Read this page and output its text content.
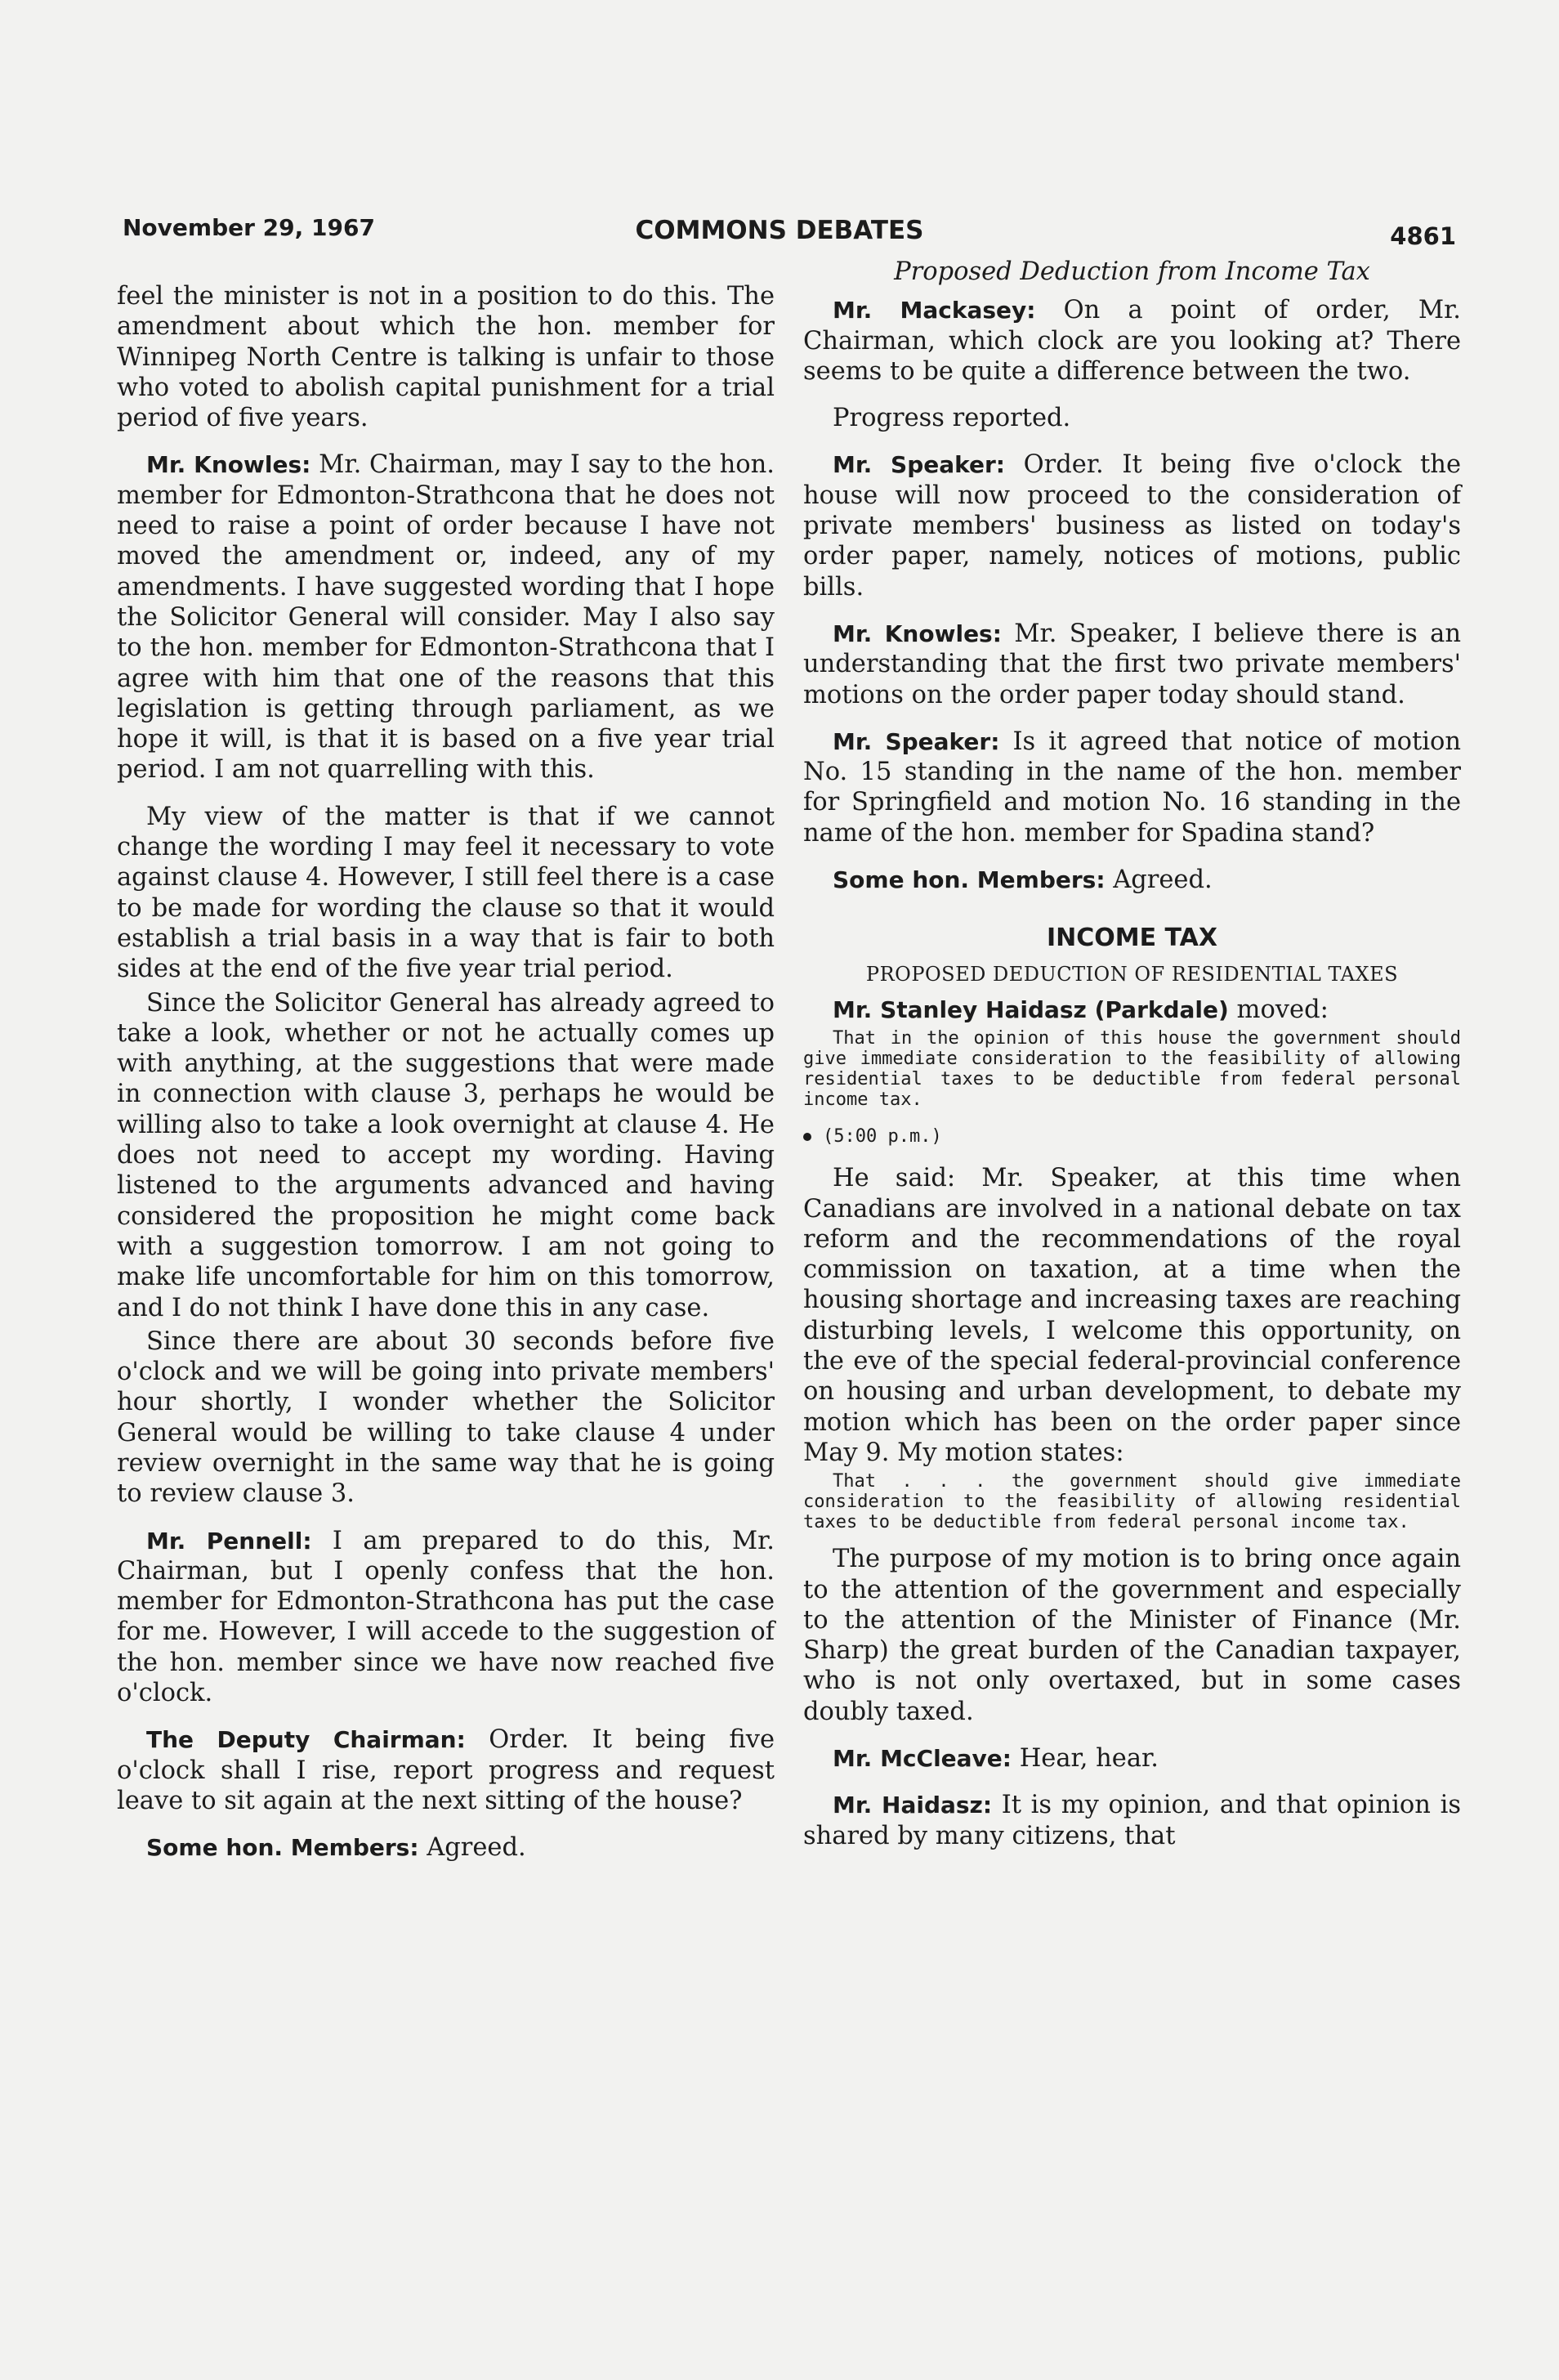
November 29, 1967	COMMONS DEBATES	4861

feel the minister is not in a position to do this. The amendment about which the hon. member for Winnipeg North Centre is talking is unfair to those who voted to abolish capital punishment for a trial period of five years.

Mr. Knowles: Mr. Chairman, may I say to the hon. member for Edmonton-Strathcona that he does not need to raise a point of order because I have not moved the amendment or, indeed, any of my amendments. I have suggested wording that I hope the Solicitor General will consider. May I also say to the hon. member for Edmonton-Strathcona that I agree with him that one of the reasons that this legislation is getting through parliament, as we hope it will, is that it is based on a five year trial period. I am not quarrelling with this.

My view of the matter is that if we cannot change the wording I may feel it necessary to vote against clause 4. However, I still feel there is a case to be made for wording the clause so that it would establish a trial basis in a way that is fair to both sides at the end of the five year trial period.

Since the Solicitor General has already agreed to take a look, whether or not he actually comes up with anything, at the suggestions that were made in connection with clause 3, perhaps he would be willing also to take a look overnight at clause 4. He does not need to accept my wording. Having listened to the arguments advanced and having considered the proposition he might come back with a suggestion tomorrow. I am not going to make life uncomfortable for him on this tomorrow, and I do not think I have done this in any case.

Since there are about 30 seconds before five o'clock and we will be going into private members' hour shortly, I wonder whether the Solicitor General would be willing to take clause 4 under review overnight in the same way that he is going to review clause 3.

Mr. Pennell: I am prepared to do this, Mr. Chairman, but I openly confess that the hon. member for Edmonton-Strathcona has put the case for me. However, I will accede to the suggestion of the hon. member since we have now reached five o'clock.

The Deputy Chairman: Order. It being five o'clock shall I rise, report progress and request leave to sit again at the next sitting of the house?

Some hon. Members: Agreed.

Proposed Deduction from Income Tax

Mr. Mackasey: On a point of order, Mr. Chairman, which clock are you looking at? There seems to be quite a difference between the two.

Progress reported.

Mr. Speaker: Order. It being five o'clock the house will now proceed to the consideration of private members' business as listed on today's order paper, namely, notices of motions, public bills.

Mr. Knowles: Mr. Speaker, I believe there is an understanding that the first two private members' motions on the order paper today should stand.

Mr. Speaker: Is it agreed that notice of motion No. 15 standing in the name of the hon. member for Springfield and motion No. 16 standing in the name of the hon. member for Spadina stand?

Some hon. Members: Agreed.

INCOME TAX
PROPOSED DEDUCTION OF RESIDENTIAL TAXES

Mr. Stanley Haidasz (Parkdale) moved:

That in the opinion of this house the government should give immediate consideration to the feasibility of allowing residential taxes to be deductible from federal personal income tax.
(5:00 p.m.)

He said: Mr. Speaker, at this time when Canadians are involved in a national debate on tax reform and the recommendations of the royal commission on taxation, at a time when the housing shortage and increasing taxes are reaching disturbing levels, I welcome this opportunity, on the eve of the special federal-provincial conference on housing and urban development, to debate my motion which has been on the order paper since May 9. My motion states:

That . . . the government should give immediate consideration to the feasibility of allowing residential taxes to be deductible from federal personal income tax.

The purpose of my motion is to bring once again to the attention of the government and especially to the attention of the Minister of Finance (Mr. Sharp) the great burden of the Canadian taxpayer, who is not only overtaxed, but in some cases doubly taxed.

Mr. McCleave: Hear, hear.

Mr. Haidasz: It is my opinion, and that opinion is shared by many citizens, that
